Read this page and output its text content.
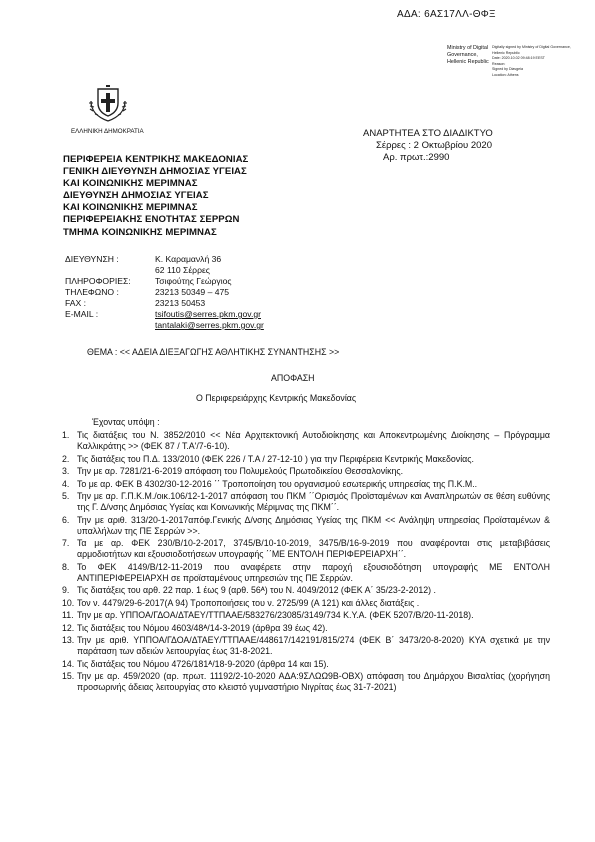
ΑΔΑ: 6ΑΣ17ΛΛ-ΘΦΞ
Ministry of Digital Digitally signed by Ministry of Digital Governance,
Governance,	Hellenic Republic
Hellenic Republic
Date: 2020.10.02 09:48:19 EEST
Reason:
Signed by Diavgeia
Location: Athens
ΕΛΛΗΝΙΚΗ ΔΗΜΟΚΡΑΤΙΑ	ΑΝΑΡΤΗΤΕΑ ΣΤΟ ΔΙΑΔΙΚΤΥΟ
Σέρρες : 2 Οκτωβρίου 2020
Αρ. πρωτ.:2990
ΠΕΡΙΦΕΡΕΙΑ ΚΕΝΤΡΙΚΗΣ ΜΑΚΕΔΟΝΙΑΣ
ΓΕΝΙΚΗ ΔΙΕΥΘΥΝΣΗ ΔΗΜΟΣΙΑΣ ΥΓΕΙΑΣ
ΚΑΙ ΚΟΙΝΩΝΙΚΗΣ ΜΕΡΙΜΝΑΣ
ΔΙΕΥΘΥΝΣΗ ΔΗΜΟΣΙΑΣ ΥΓΕΙΑΣ
ΚΑΙ ΚΟΙΝΩΝΙΚΗΣ ΜΕΡΙΜΝΑΣ
ΠΕΡΙΦΕΡΕΙΑΚΗΣ ΕΝΟΤΗΤΑΣ ΣΕΡΡΩΝ
ΤΜΗΜΑ ΚΟΙΝΩΝΙΚΗΣ ΜΕΡΙΜΝΑΣ
ΔΙΕΥΘΥΝΣΗ :	Κ. Καραμανλή 36
62 110 Σέρρες
ΠΛΗΡΟΦΟΡΙΕΣ:	Τσιφούτης Γεώργιος
ΤΗΛΕΦΩΝΟ :	23213 50349 – 475
FAX :	23213 50453
E-MAIL :	tsifoutis@serres.pkm.gov.gr
tantalaki@serres.pkm.gov.gr
ΘΕΜΑ : << ΑΔΕΙΑ ΔΙΕΞΑΓΩΓΗΣ ΑΘΛΗΤΙΚΗΣ ΣΥΝΑΝΤΗΣΗΣ >>
ΑΠΟΦΑΣΗ
Ο Περιφερειάρχης Κεντρικής Μακεδονίας
Έχοντας υπόψη :
1. Τις διατάξεις του Ν. 3852/2010 << Νέα Αρχιτεκτονική Αυτοδιοίκησης και Αποκεντρωμένης Διοίκησης – Πρόγραμμα Καλλικράτης >> (ΦΕΚ 87 / Τ.Α'/7-6-10).
2. Τις διατάξεις του Π.Δ. 133/2010 (ΦΕΚ 226 / Τ.Α / 27-12-10 ) για την Περιφέρεια Κεντρικής Μακεδονίας.
3. Την με αρ. 7281/21-6-2019 απόφαση του Πολυμελούς Πρωτοδικείου Θεσσαλονίκης.
4. Το με αρ. ΦΕΚ Β 4302/30-12-2016 ΄΄ Τροποποίηση του οργανισμού εσωτερικής υπηρεσίας της Π.Κ.Μ..
5. Την με αρ. Γ.Π.Κ.Μ./οικ.106/12-1-2017 απόφαση του ΠΚΜ ΄΄Ορισμός Προϊσταμένων και Αναπληρωτών σε θέση ευθύνης της Γ. Δ/νσης Δημόσιας Υγείας και Κοινωνικής Μέριμνας της ΠΚΜ΄΄.
6. Την με αριθ. 313/20-1-2017απόφ.Γενικής Δ/νσης Δημόσιας Υγείας της ΠΚΜ << Ανάληψη υπηρεσίας Προϊσταμένων & υπαλλήλων της ΠΕ Σερρών >>.
7. Τα με αρ. ΦΕΚ 230/Β/10-2-2017, 3745/Β/10-10-2019, 3475/Β/16-9-2019 που αναφέρονται στις μεταβιβάσεις αρμοδιοτήτων και εξουσιοδοτήσεων υπογραφής ΄΄ΜΕ ΕΝΤΟΛΗ ΠΕΡΙΦΕΡΕΙΑΡΧΗ΄΄.
8. Το ΦΕΚ 4149/Β/12-11-2019 που αναφέρετε στην παροχή εξουσιοδότηση υπογραφής ΜΕ ΕΝΤΟΛΗ ΑΝΤΙΠΕΡΙΦΕΡΕΙΑΡΧΗ σε προϊσταμένους υπηρεσιών της ΠΕ Σερρών.
9. Τις διατάξεις του αρθ. 22 παρ. 1 έως 9 (αρθ. 56ᴬ) του Ν. 4049/2012 (ΦΕΚ Α΄ 35/23-2-2012) .
10. Τον ν. 4479/29-6-2017(Α 94) Τροποποιήσεις του ν. 2725/99 (Α 121) και άλλες διατάξεις .
11. Την με αρ. ΥΠΠΟΑ/ΓΔΟΑ/ΔΤΑΕΥ/ΤΤΠΑΑΕ/583276/23085/3149/734 Κ.Υ.Α. (ΦΕΚ 5207/Β/20-11-2018).
12. Τις διατάξεις του Νόμου 4603/48ᴬ/14-3-2019 (άρθρα 39 έως 42).
13. Την με αριθ. ΥΠΠΟΑ/ΓΔΟΑ/ΔΤΑΕΥ/ΤΤΠΑΑΕ/448617/142191/815/274 (ΦΕΚ Β΄ 3473/20-8-2020) ΚΥΑ σχετικά με την παράταση των αδειών λειτουργίας έως 31-8-2021.
14. Τις διατάξεις του Νόμου 4726/181ᴬ/18-9-2020 (άρθρα 14 και 15).
15. Την με αρ. 459/2020 (αρ. πρωτ. 11192/2-10-2020 ΑΔΑ:9ΣΛΩΩ9Β-ΟΒΧ) απόφαση του Δημάρχου Βισαλτίας (χορήγηση προσωρινής άδειας λειτουργίας στο κλειστό γυμναστήριο Νιγρίτας έως 31-7-2021)
